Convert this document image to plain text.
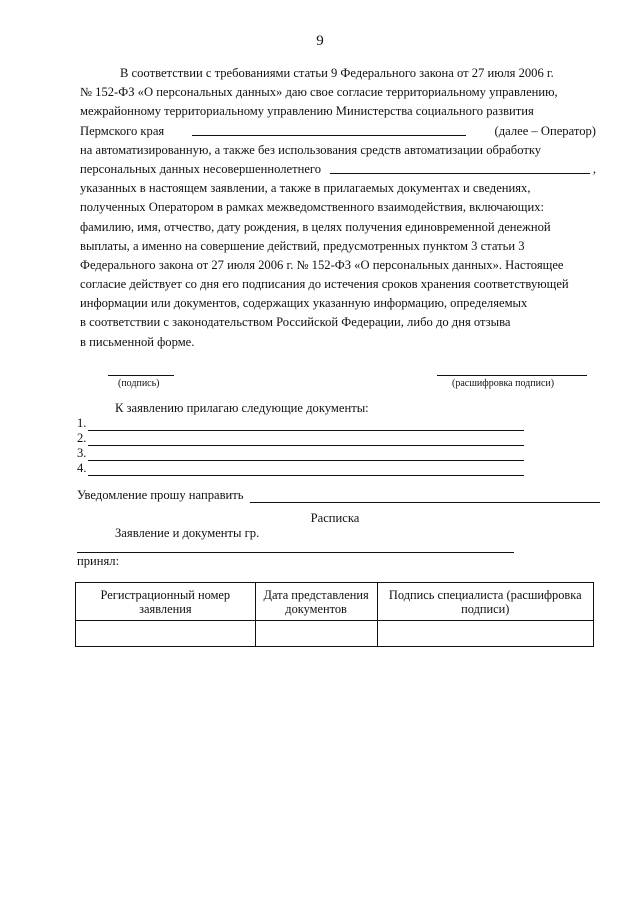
9
В соответствии с требованиями статьи 9 Федерального закона от 27 июля 2006 г.
№ 152-ФЗ «О персональных данных» даю свое согласие территориальному управлению,
межрайонному территориальному управлению Министерства социального развития
Пермского края	(далее – Оператор)
на автоматизированную, а также без использования средств автоматизации обработку
персональных данных несовершеннолетнего	,
указанных в настоящем заявлении, а также в прилагаемых документах и сведениях,
полученных Оператором в рамках межведомственного взаимодействия, включающих:
фамилию, имя, отчество, дату рождения, в целях получения единовременной денежной
выплаты, а именно на совершение действий, предусмотренных пунктом 3 статьи 3
Федерального закона от 27 июля 2006 г. № 152-ФЗ «О персональных данных». Настоящее
согласие действует со дня его подписания до истечения сроков хранения соответствующей
информации или документов, содержащих указанную информацию, определяемых
в соответствии с законодательством Российской Федерации, либо до дня отзыва
в письменной форме.
(подпись)	(расшифровка подписи)
К заявлению прилагаю следующие документы:
1.
2.
3.
4.
Уведомление прошу направить
Расписка
Заявление и документы гр.
принял:
Регистрационный номер заявления	Дата представления документов	Подпись специалиста (расшифровка подписи)
